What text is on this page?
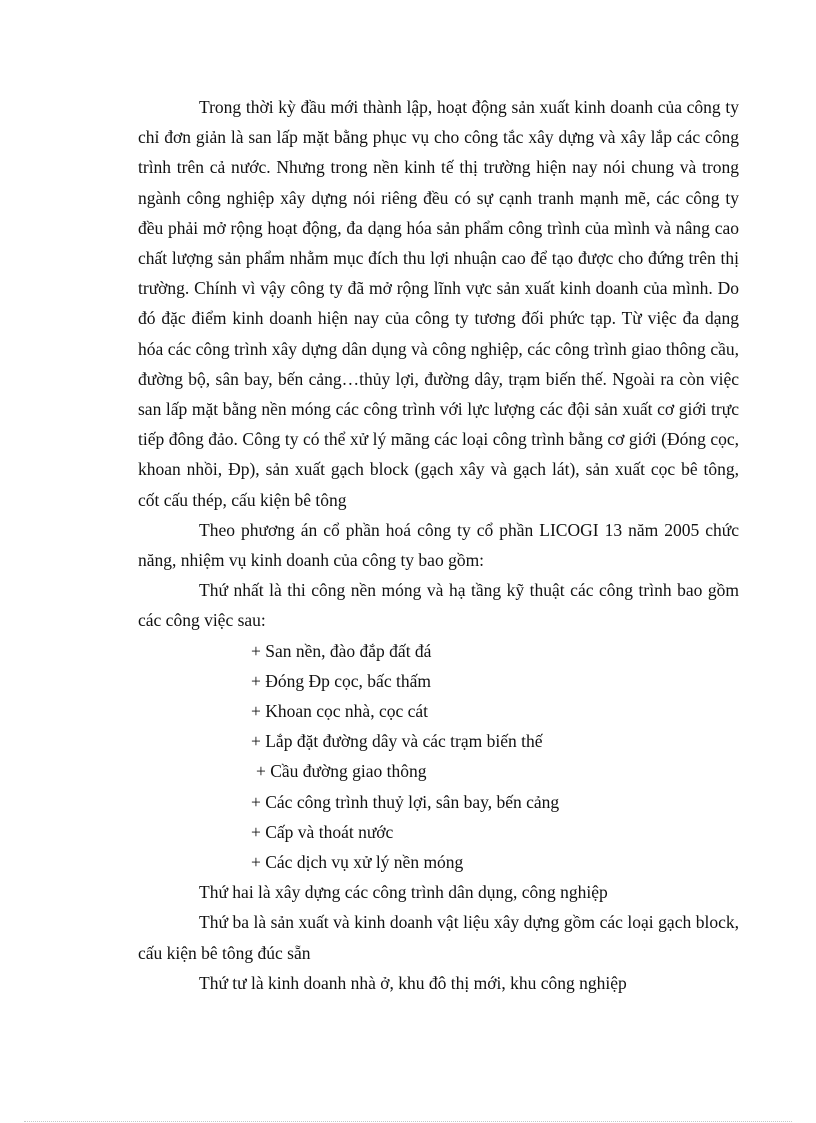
Trong thời kỳ đầu mới thành lập, hoạt động sản xuất kinh doanh của công ty chỉ đơn giản là san lấp mặt bằng phục vụ cho công tắc xây dựng và xây lắp các công trình trên cả nước. Nhưng trong nền kinh tế thị trường hiện nay nói chung và trong ngành công nghiệp xây dựng nói riêng đều có sự cạnh tranh mạnh mẽ, các công ty đều phải mở rộng hoạt động, đa dạng hóa sản phẩm công trình của mình và nâng cao chất lượng sản phẩm nhằm mục đích thu lợi nhuận cao để tạo được cho đứng trên thị trường. Chính vì vậy công ty đã mở rộng lĩnh vực sản xuất kinh doanh của mình. Do đó đặc điểm kinh doanh hiện nay của công ty tương đối phức tạp. Từ việc đa dạng hóa các công trình xây dựng dân dụng và công nghiệp, các công trình giao thông cầu, đường bộ, sân bay, bến cảng…thủy lợi, đường dây, trạm biến thế. Ngoài ra còn việc san lấp mặt bằng nền móng các công trình với lực lượng các đội sản xuất cơ giới trực tiếp đông đảo. Công ty có thể xử lý mãng các loại công trình bằng cơ giới (Đóng cọc, khoan nhồi, Đp), sản xuất gạch block (gạch xây và gạch lát), sản xuất cọc bê tông, cốt cấu thép, cấu kiện bê tông

Theo phương án cổ phần hoá công ty cổ phần LICOGI 13 năm 2005 chức năng, nhiệm vụ kinh doanh của công ty bao gồm:

Thứ nhất là thi công nền móng và hạ tầng kỹ thuật các công trình bao gồm các công việc sau:

+ San nền, đào đắp đất đá
+ Đóng Đp cọc, bấc thấm
+ Khoan cọc nhà, cọc cát
+ Lắp đặt đường dây và các trạm biến thế
+ Cầu đường giao thông
+ Các công trình thuỷ lợi, sân bay, bến cảng
+ Cấp và thoát nước
+ Các dịch vụ xử lý nền móng

Thứ hai là xây dựng các công trình dân dụng, công nghiệp

Thứ ba là sản xuất và kinh doanh vật liệu xây dựng gồm các loại gạch block, cấu kiện bê tông đúc sẵn

Thứ tư là kinh doanh nhà ở, khu đô thị mới, khu công nghiệp
